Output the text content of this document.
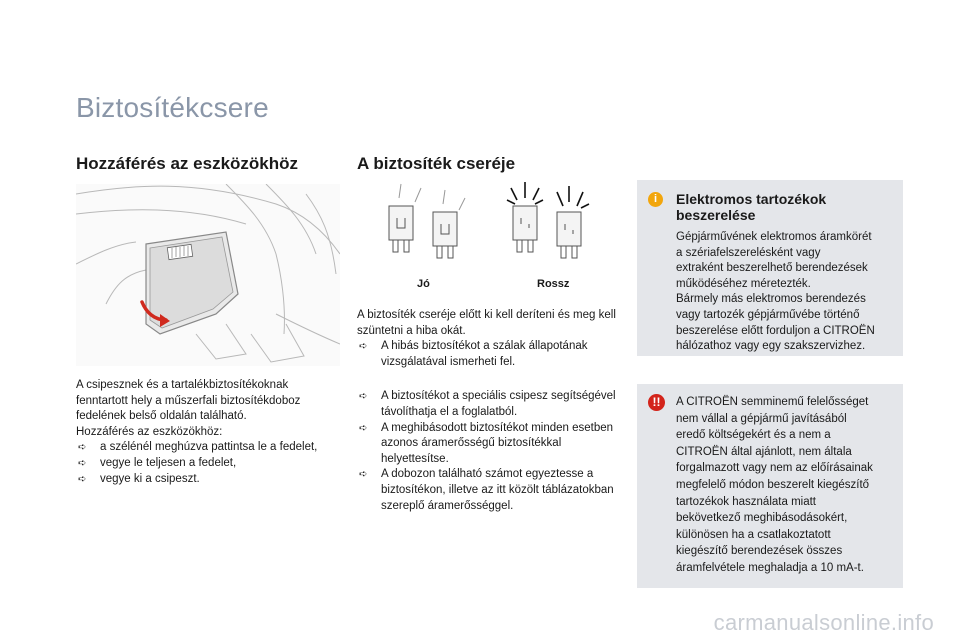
Biztosítékcsere
Hozzáférés az eszközökhöz

A csipesznek és a tartalékbiztosítékoknak fenntartott hely a műszerfali biztosítékdoboz fedelének belső oldalán található.

Hozzáférés az eszközökhöz:

➪ a szélénél meghúzva pattintsa le a fedelet,
➪ vegye le teljesen a fedelet,
➪ vegye ki a csipeszt.
A biztosíték cseréje
Jó	Rossz

A biztosíték cseréje előtt ki kell deríteni és meg kell szüntetni a hiba okát.

➪ A hibás biztosítékot a szálak állapotának vizsgálatával ismerheti fel.
➪ A biztosítékot a speciális csipesz segítségével távolíthatja el a foglalatból.
➪ A meghibásodott biztosítékot minden esetben azonos áramerősségű biztosítékkal helyettesítse.
➪ A dobozon található számot egyeztesse a biztosítékon, illetve az itt közölt táblázatokban szereplő áramerősséggel.
i	Elektromos tartozékok beszerelése
Gépjárművének elektromos áramkörét
a szériafelszerelésként vagy
extraként beszerelhető berendezések
működéséhez méretezték.
Bármely más elektromos berendezés
vagy tartozék gépjárművébe történő
beszerelése előtt forduljon a CITROËN
hálózathoz vagy egy szakszervizhez.
!!	A CITROËN semminemű felelősséget
nem vállal a gépjármű javításából
eredő költségekért és a nem a
CITROËN által ajánlott, nem általa
forgalmazott vagy nem az előírásainak
megfelelő módon beszerelt kiegészítő
tartozékok használata miatt
bekövetkező meghibásodásokért,
különösen ha a csatlakoztatott
kiegészítő berendezések összes
áramfelvétele meghaladja a 10 mA-t.
carmanualsonline.info
